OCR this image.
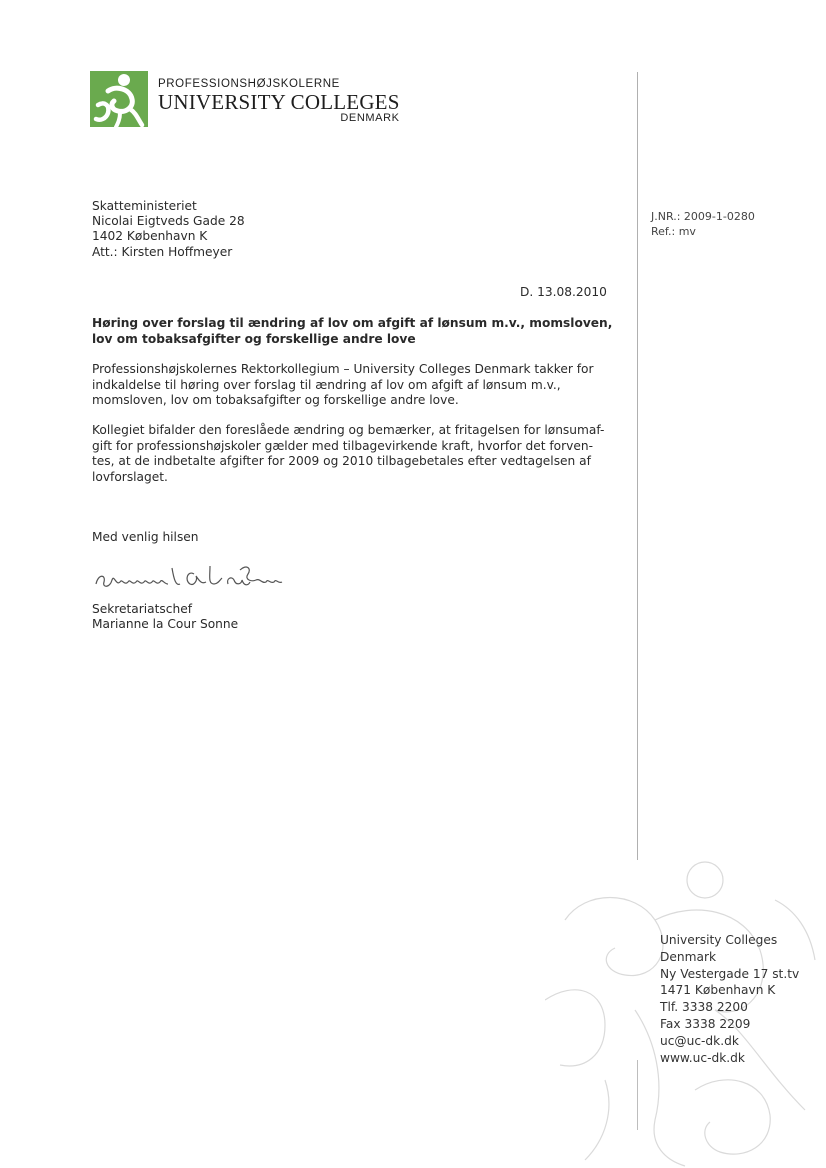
PROFESSIONSHØJSKOLERNE
UNIVERSITY COLLEGES
DENMARK
Skatteministeriet
Nicolai Eigtveds Gade 28
1402 København K
Att.: Kirsten Hoffmeyer
J.NR.: 2009-1-0280
Ref.: mv
D. 13.08.2010
Høring over forslag til ændring af lov om afgift af lønsum m.v., momsloven,
lov om tobaksafgifter og forskellige andre love
Professionshøjskolernes Rektorkollegium – University Colleges Denmark takker for
indkaldelse til høring over forslag til ændring af lov om afgift af lønsum m.v.,
momsloven, lov om tobaksafgifter og forskellige andre love.
Kollegiet bifalder den foreslåede ændring og bemærker, at fritagelsen for lønsumaf-
gift for professionshøjskoler gælder med tilbagevirkende kraft, hvorfor det forven-
tes, at de indbetalte afgifter for 2009 og 2010 tilbagebetales efter vedtagelsen af
lovforslaget.
Med venlig hilsen
Sekretariatschef
Marianne la Cour Sonne
University Colleges
Denmark
Ny Vestergade 17 st.tv
1471 København K
Tlf. 3338 2200
Fax 3338 2209
uc@uc-dk.dk
www.uc-dk.dk
